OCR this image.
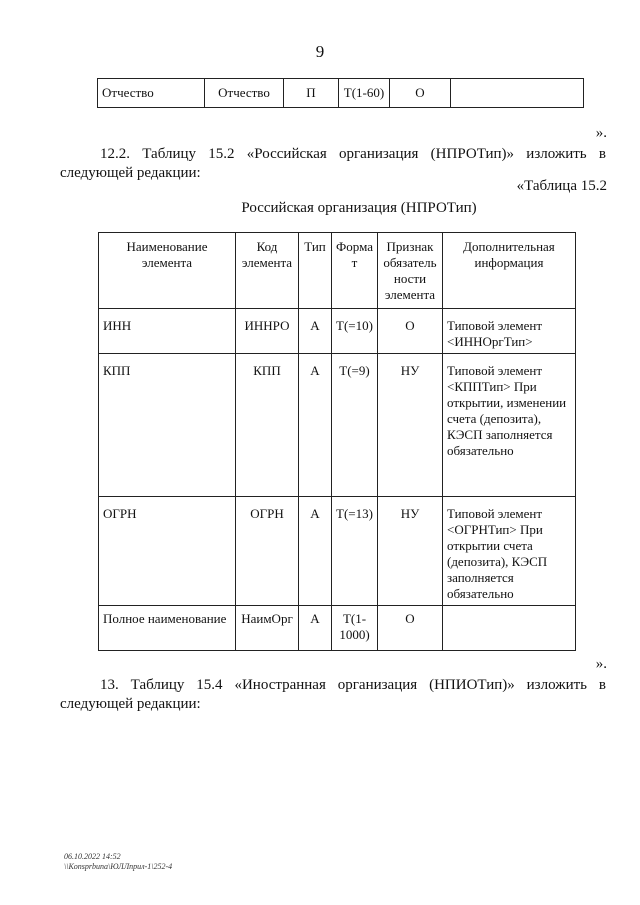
9
Отчество	Отчество	П	Т(1-60)	О	
».
12.2. Таблицу 15.2 «Российская организация (НПРОТип)» изложить в следующей редакции:
«Таблица 15.2
Российская организация (НПРОТип)
Наименование элемента	Код элемента	Тип	Форма т	Признак обязатель ности элемента	Дополнительная информация
ИНН	ИННРО	А	Т(=10)	О	Типовой элемент <ИННОргТип>
КПП	КПП	А	Т(=9)	НУ	Типовой элемент <КППТип> При открытии, изменении счета (депозита), КЭСП заполняется обязательно
ОГРН	ОГРН	А	Т(=13)	НУ	Типовой элемент <ОГРНТип> При открытии счета (депозита), КЭСП заполняется обязательно
Полное наименование	НаимОрг	А	Т(1-1000)	О	
».
13. Таблицу 15.4 «Иностранная организация (НПИОТип)» изложить в следующей редакции:
06.10.2022 14:52
\\Konsprbuna\ЮЛЛприл-1\252-4
